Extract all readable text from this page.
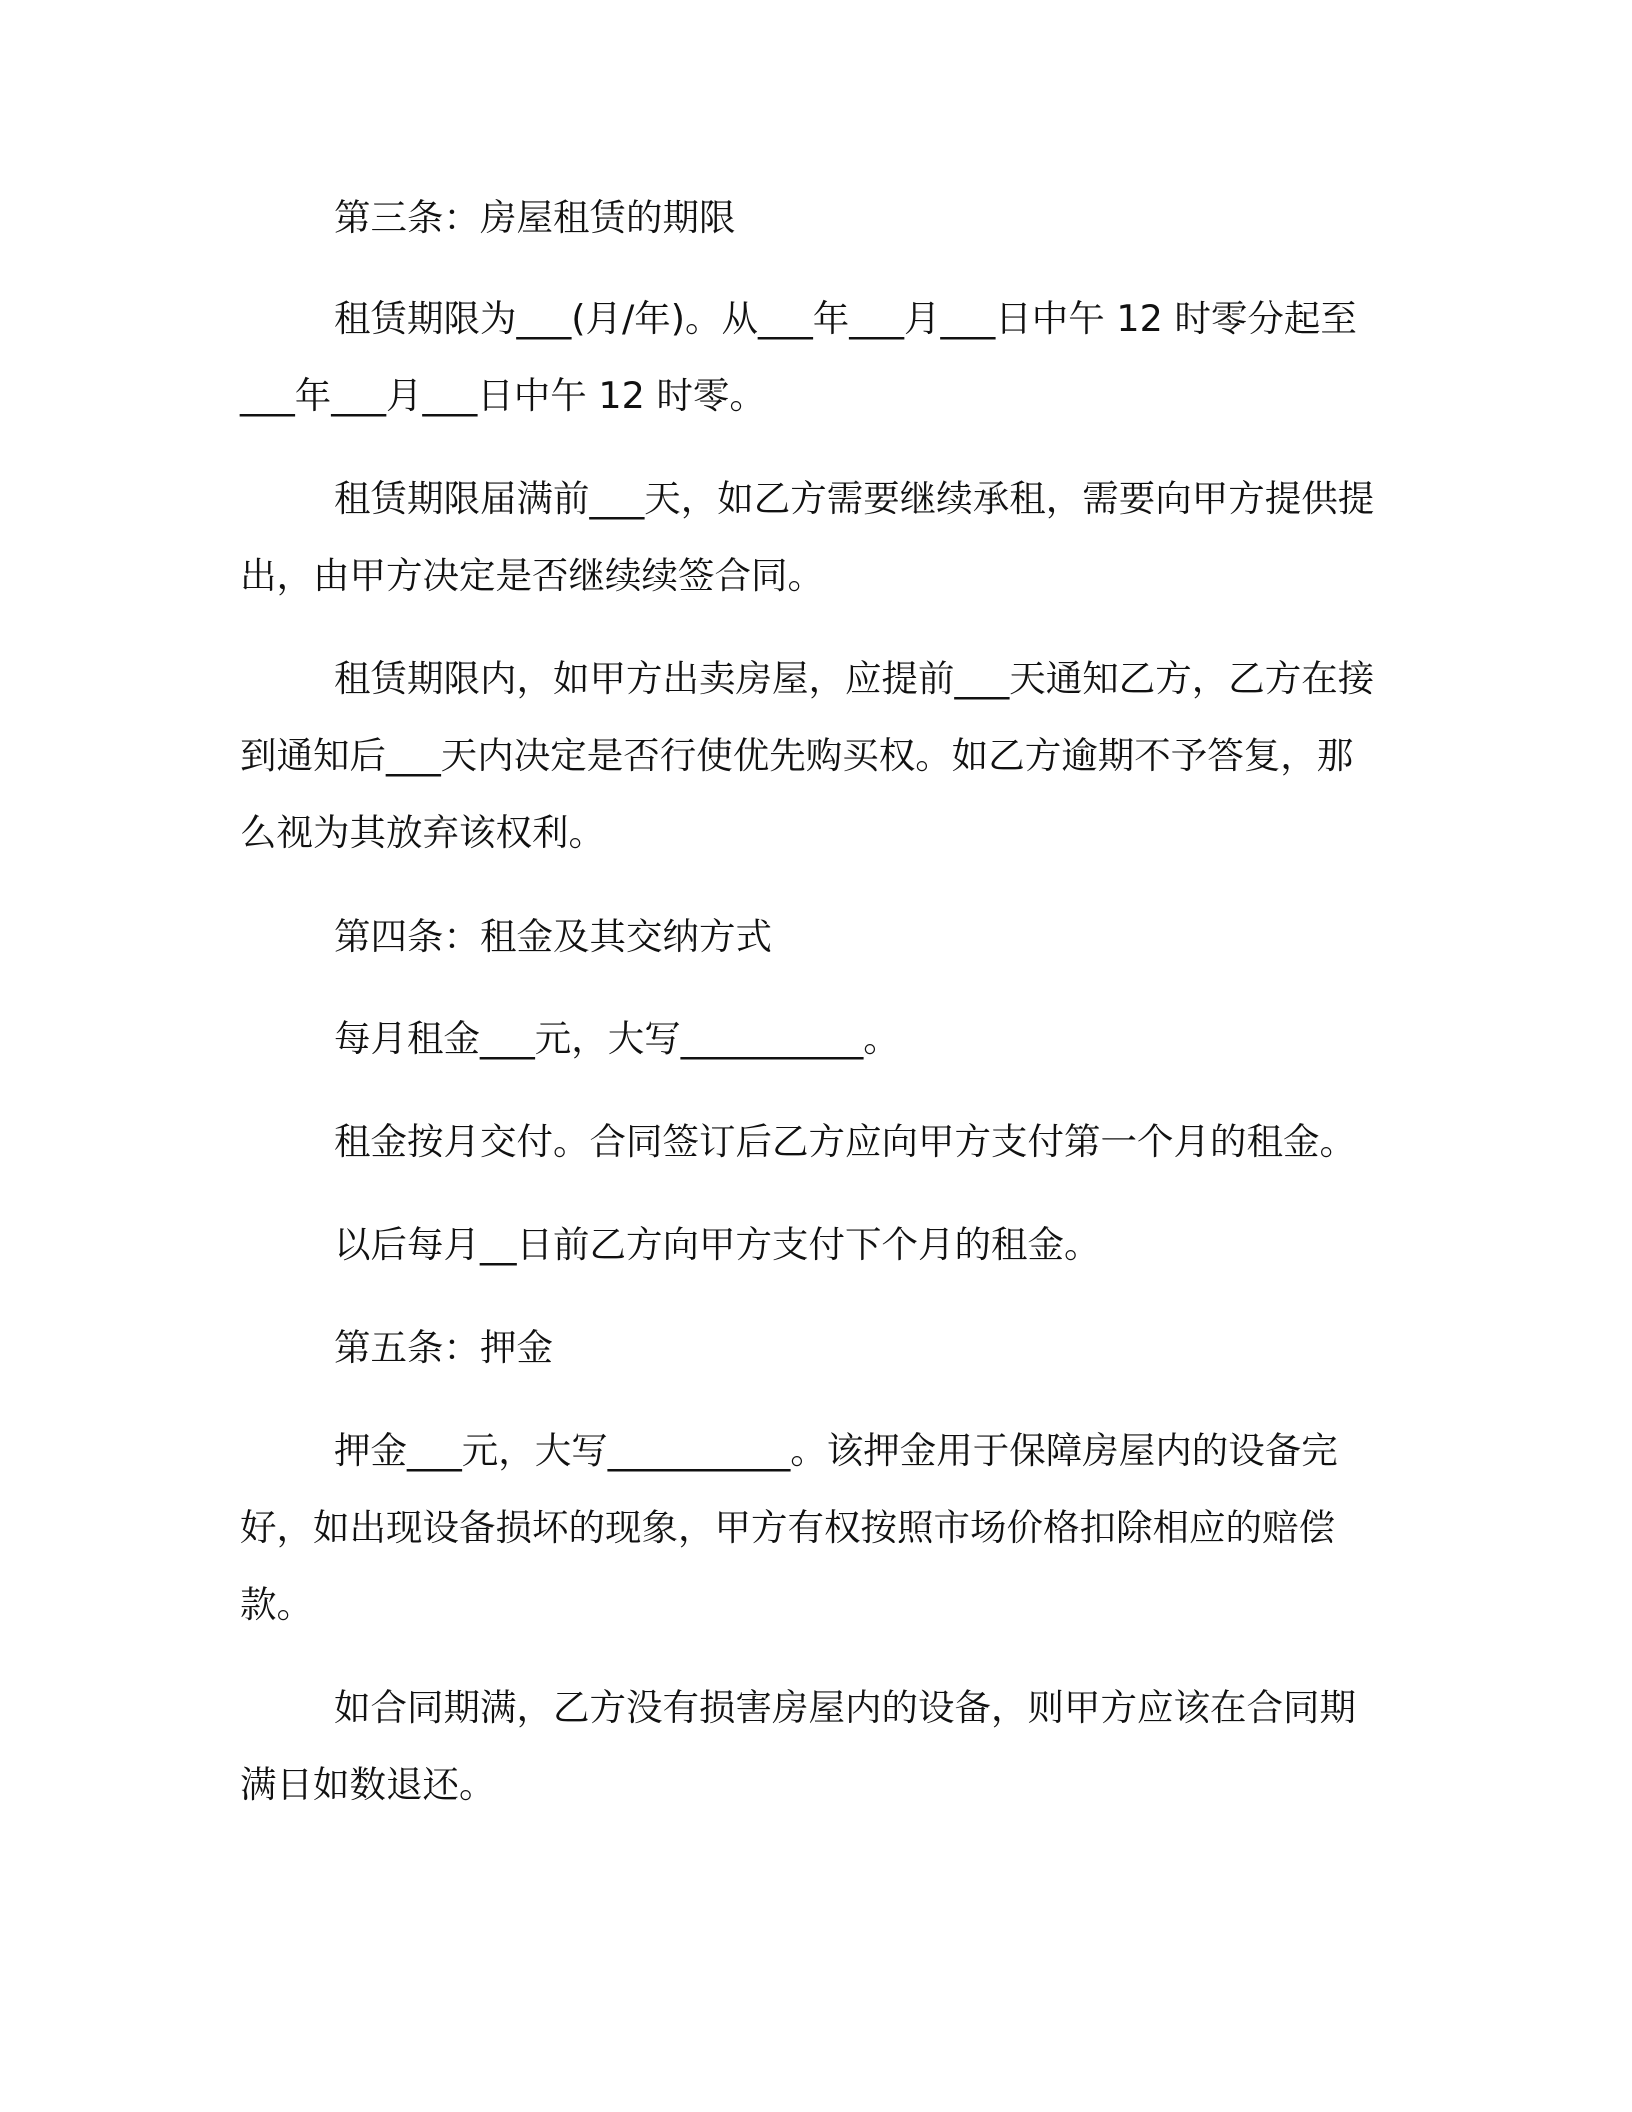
第三条：房屋租赁的期限

租赁期限为___(月/年)。从___年___月___日中午 12 时零分起至___年___月___日中午 12 时零。

租赁期限届满前___天，如乙方需要继续承租，需要向甲方提供提出，由甲方决定是否继续续签合同。

租赁期限内，如甲方出卖房屋，应提前___天通知乙方，乙方在接到通知后___天内决定是否行使优先购买权。如乙方逾期不予答复，那么视为其放弃该权利。

第四条：租金及其交纳方式

每月租金___元，大写__________。

租金按月交付。合同签订后乙方应向甲方支付第一个月的租金。

以后每月__日前乙方向甲方支付下个月的租金。

第五条：押金

押金___元，大写__________。该押金用于保障房屋内的设备完好，如出现设备损坏的现象，甲方有权按照市场价格扣除相应的赔偿款。

如合同期满，乙方没有损害房屋内的设备，则甲方应该在合同期满日如数退还。
